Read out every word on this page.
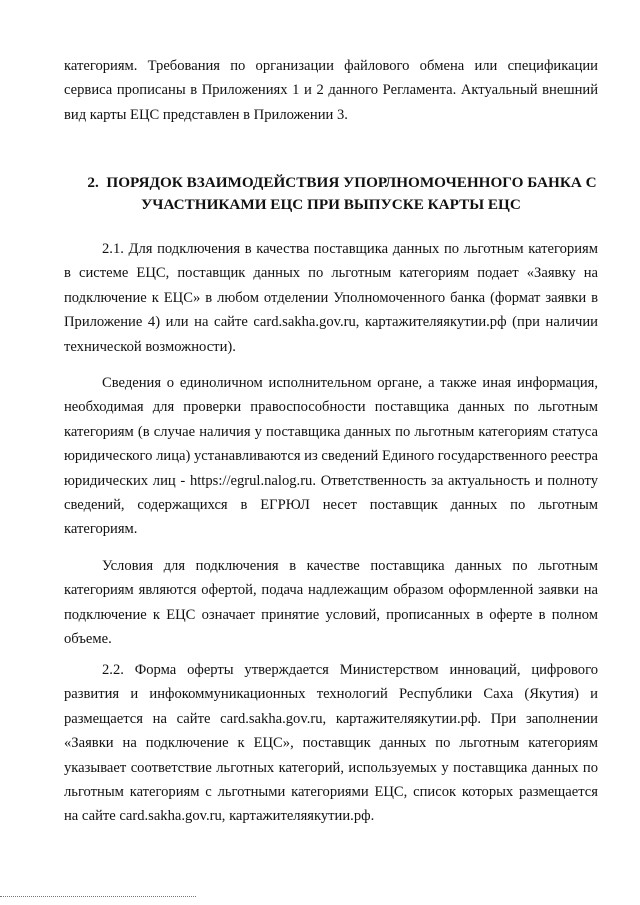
категориям. Требования по организации файлового обмена или спецификации сервиса прописаны в Приложениях 1 и 2 данного Регламента. Актуальный внешний вид карты ЕЦС представлен в Приложении 3.

2. ПОРЯДОК ВЗАИМОДЕЙСТВИЯ УПОРЛНОМОЧЕННОГО БАНКА С
УЧАСТНИКАМИ ЕЦС ПРИ ВЫПУСКЕ КАРТЫ ЕЦС

2.1. Для подключения в качества поставщика данных по льготным категориям в системе ЕЦС, поставщик данных по льготным категориям подает «Заявку на подключение к ЕЦС» в любом отделении Уполномоченного банка (формат заявки в Приложение 4) или на сайте card.sakha.gov.ru, картажителяякутии.рф (при наличии технической возможности).

Сведения о единоличном исполнительном органе, а также иная информация, необходимая для проверки правоспособности поставщика данных по льготным категориям (в случае наличия у поставщика данных по льготным категориям статуса юридического лица) устанавливаются из сведений Единого государственного реестра юридических лиц - https://egrul.nalog.ru. Ответственность за актуальность и полноту сведений, содержащихся в ЕГРЮЛ несет поставщик данных по льготным категориям.

Условия для подключения в качестве поставщика данных по льготным категориям являются офертой, подача надлежащим образом оформленной заявки на подключение к ЕЦС означает принятие условий, прописанных в оферте в полном объеме.

2.2. Форма оферты утверждается Министерством инноваций, цифрового развития и инфокоммуникационных технологий Республики Саха (Якутия) и размещается на сайте card.sakha.gov.ru, картажителяякутии.рф. При заполнении «Заявки на подключение к ЕЦС», поставщик данных по льготным категориям указывает соответствие льготных категорий, используемых у поставщика данных по льготным категориям с льготными категориями ЕЦС, список которых размещается на сайте card.sakha.gov.ru, картажителяякутии.рф.
